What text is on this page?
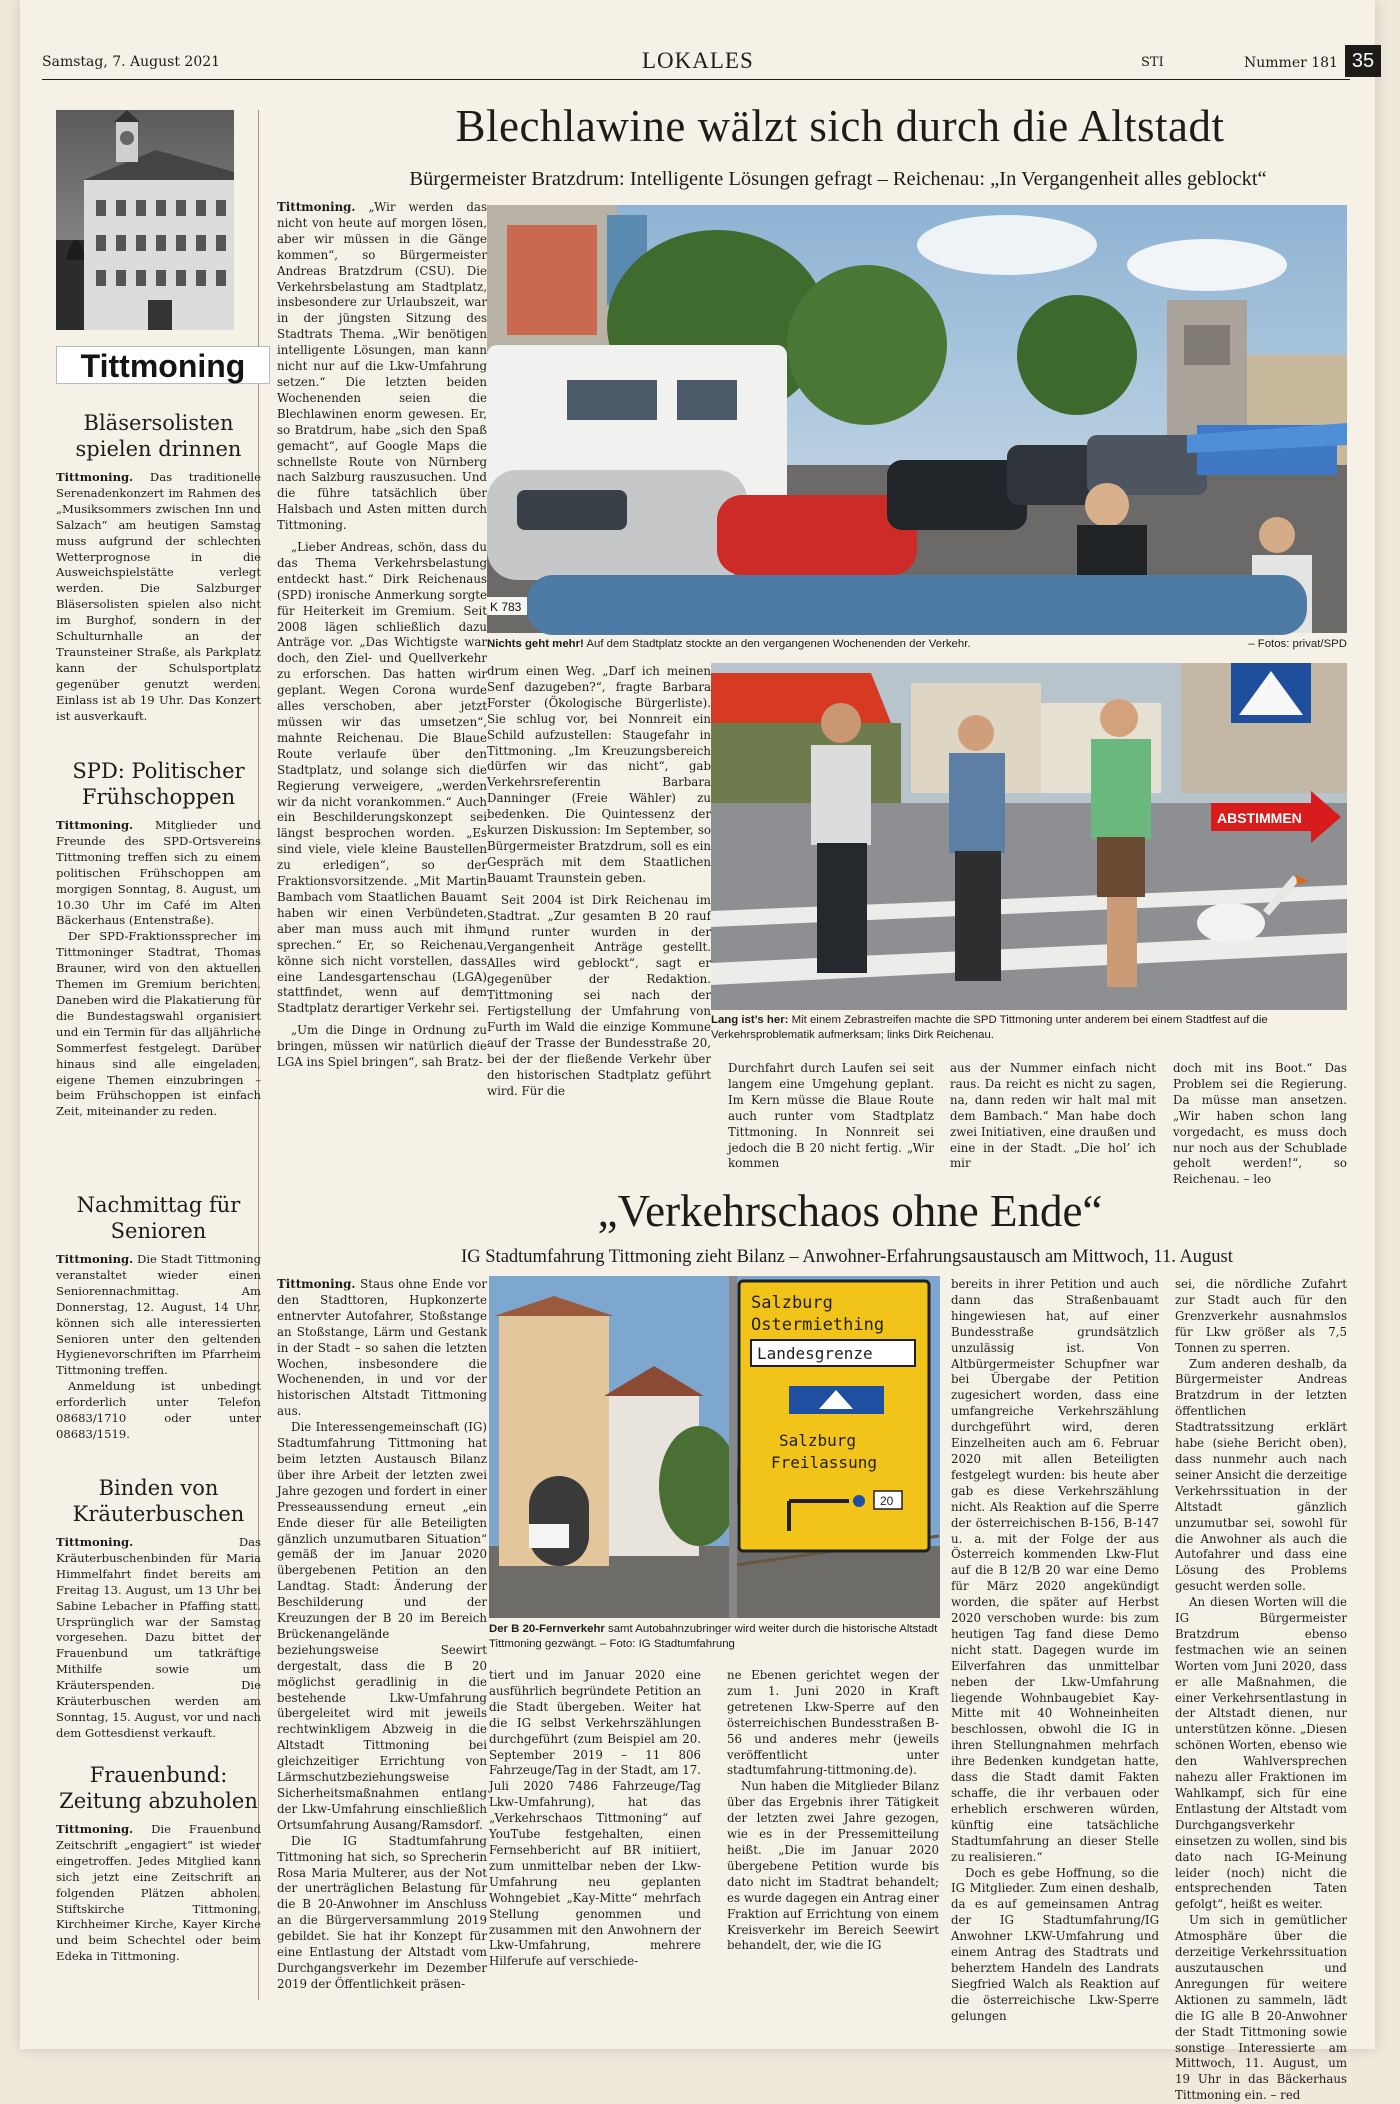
Samstag, 7. August 2021	LOKALES	STI	Nummer 181 35
Tittmoning
Bläsersolisten spielen drinnen

Tittmoning. Das traditionelle Serenadenkonzert im Rahmen des „Musiksommers zwischen Inn und Salzach“ am heutigen Samstag muss aufgrund der schlechten Wetterprognose in die Ausweichspielstätte verlegt werden. Die Salzburger Bläsersolisten spielen also nicht im Burghof, sondern in der Schulturnhalle an der Traunsteiner Straße, als Parkplatz kann der Schulsportplatz gegenüber genutzt werden. Einlass ist ab 19 Uhr. Das Konzert ist ausverkauft.

SPD: Politischer Frühschoppen

Tittmoning. Mitglieder und Freunde des SPD-Ortsvereins Tittmoning treffen sich zu einem politischen Frühschoppen am morgigen Sonntag, 8. August, um 10.30 Uhr im Café im Alten Bäckerhaus (Entenstraße).

Der SPD-Fraktionssprecher im Tittmoninger Stadtrat, Thomas Brauner, wird von den aktuellen Themen im Gremium berichten. Daneben wird die Plakatierung für die Bundestagswahl organisiert und ein Termin für das alljährliche Sommerfest festgelegt. Darüber hinaus sind alle eingeladen, eigene Themen einzubringen – beim Frühschoppen ist einfach Zeit, miteinander zu reden.

Nachmittag für Senioren

Tittmoning. Die Stadt Tittmoning veranstaltet wieder einen Seniorennachmittag. Am Donnerstag, 12. August, 14 Uhr, können sich alle interessierten Senioren unter den geltenden Hygienevorschriften im Pfarrheim Tittmoning treffen.

Anmeldung ist unbedingt erforderlich unter Telefon 08683/1710 oder unter 08683/1519.

Binden von Kräuterbuschen

Tittmoning. Das Kräuterbuschenbinden für Maria Himmelfahrt findet bereits am Freitag 13. August, um 13 Uhr bei Sabine Lebacher in Pfaffing statt. Ursprünglich war der Samstag vorgesehen. Dazu bittet der Frauenbund um tatkräftige Mithilfe sowie um Kräuterspenden. Die Kräuterbuschen werden am Sonntag, 15. August, vor und nach dem Gottesdienst verkauft.

Frauenbund: Zeitung abzuholen

Tittmoning. Die Frauenbund Zeitschrift „engagiert“ ist wieder eingetroffen. Jedes Mitglied kann sich jetzt eine Zeitschrift an folgenden Plätzen abholen. Stiftskirche Tittmoning, Kirchheimer Kirche, Kayer Kirche und beim Schechtel oder beim Edeka in Tittmoning.

Blechlawine wälzt sich durch die Altstadt
Bürgermeister Bratzdrum: Intelligente Lösungen gefragt – Reichenau: „In Vergangenheit alles geblockt“

Tittmoning. „Wir werden das nicht von heute auf morgen lösen, aber wir müssen in die Gänge kommen“, so Bürgermeister Andreas Bratzdrum (CSU). Die Verkehrsbelastung am Stadtplatz, insbesondere zur Urlaubszeit, war in der jüngsten Sitzung des Stadtrats Thema. „Wir benötigen intelligente Lösungen, man kann nicht nur auf die Lkw-Umfahrung setzen.“ Die letzten beiden Wochenenden seien die Blechlawinen enorm gewesen. Er, so Bratdrum, habe „sich den Spaß gemacht“, auf Google Maps die schnellste Route von Nürnberg nach Salzburg rauszusuchen. Und die führe tatsächlich über Halsbach und Asten mitten durch Tittmoning.

„Lieber Andreas, schön, dass du das Thema Verkehrsbelastung entdeckt hast.“ Dirk Reichenaus (SPD) ironische Anmerkung sorgte für Heiterkeit im Gremium. Seit 2008 lägen schließlich dazu Anträge vor. „Das Wichtigste war doch, den Ziel- und Quellverkehr zu erforschen. Das hatten wir geplant. Wegen Corona wurde alles verschoben, aber jetzt müssen wir das umsetzen“, mahnte Reichenau. Die Blaue Route verlaufe über den Stadtplatz, und solange sich die Regierung verweigere, „werden wir da nicht vorankommen.“ Auch ein Beschilderungskonzept sei längst besprochen worden. „Es sind viele, viele kleine Baustellen zu erledigen“, so der Fraktionsvorsitzende. „Mit Martin Bambach vom Staatlichen Bauamt haben wir einen Verbündeten, aber man muss auch mit ihm sprechen.“ Er, so Reichenau, könne sich nicht vorstellen, dass eine Landesgartenschau (LGA) stattfindet, wenn auf dem Stadtplatz derartiger Verkehr sei.

„Um die Dinge in Ordnung zu bringen, müssen wir natürlich die LGA ins Spiel bringen“, sah Bratz-

K 783
Nichts geht mehr! Auf dem Stadtplatz stockte an den vergangenen Wochenenden der Verkehr.	– Fotos: privat/SPD

drum einen Weg. „Darf ich meinen Senf dazugeben?“, fragte Barbara Forster (Ökologische Bürgerliste). Sie schlug vor, bei Nonnreit ein Schild aufzustellen: Staugefahr in Tittmoning. „Im Kreuzungsbereich dürfen wir das nicht“, gab Verkehrsreferentin Barbara Danninger (Freie Wähler) zu bedenken. Die Quintessenz der kurzen Diskussion: Im September, so Bürgermeister Bratzdrum, soll es ein Gespräch mit dem Staatlichen Bauamt Traunstein geben.

Seit 2004 ist Dirk Reichenau im Stadtrat. „Zur gesamten B 20 rauf und runter wurden in der Vergangenheit Anträge gestellt. Alles wird geblockt“, sagt er gegenüber der Redaktion. Tittmoning sei nach der Fertigstellung der Umfahrung von Furth im Wald die einzige Kommune auf der Trasse der Bundesstraße 20, bei der der fließende Verkehr über den historischen Stadtplatz geführt wird. Für die

ABSTIMMEN
Lang ist’s her: Mit einem Zebrastreifen machte die SPD Tittmoning unter anderem bei einem Stadtfest auf die Verkehrsproblematik aufmerksam; links Dirk Reichenau.

Durchfahrt durch Laufen sei seit langem eine Umgehung geplant. Im Kern müsse die Blaue Route auch runter vom Stadtplatz Tittmoning. In Nonnreit sei jedoch die B 20 nicht fertig. „Wir kommen

aus der Nummer einfach nicht raus. Da reicht es nicht zu sagen, na, dann reden wir halt mal mit dem Bambach.“ Man habe doch zwei Initiativen, eine draußen und eine in der Stadt. „Die hol’ ich mir

doch mit ins Boot.“ Das Problem sei die Regierung. Da müsse man ansetzen. „Wir haben schon lang vorgedacht, es muss doch nur noch aus der Schublade geholt werden!“, so Reichenau. – leo

„Verkehrschaos ohne Ende“
IG Stadtumfahrung Tittmoning zieht Bilanz – Anwohner-Erfahrungsaustausch am Mittwoch, 11. August

Tittmoning. Staus ohne Ende vor den Stadttoren, Hupkonzerte entnervter Autofahrer, Stoßstange an Stoßstange, Lärm und Gestank in der Stadt – so sahen die letzten Wochen, insbesondere die Wochenenden, in und vor der historischen Altstadt Tittmoning aus.

Die Interessengemeinschaft (IG) Stadtumfahrung Tittmoning hat beim letzten Austausch Bilanz über ihre Arbeit der letzten zwei Jahre gezogen und fordert in einer Presseaussendung erneut „ein Ende dieser für alle Beteiligten gänzlich unzumutbaren Situation“ gemäß der im Januar 2020 übergebenen Petition an den Landtag. Stadt: Änderung der Beschilderung und der Kreuzungen der B 20 im Bereich Brückenangelände beziehungsweise Seewirt dergestalt, dass die B 20 möglichst geradlinig in die bestehende Lkw-Umfahrung übergeleitet wird mit jeweils rechtwinkligem Abzweig in die Altstadt Tittmoning bei gleichzeitiger Errichtung von Lärmschutzbeziehungsweise Sicherheitsmaßnahmen entlang der Lkw-Umfahrung einschließlich Ortsumfahrung Ausang/Ramsdorf.

Die IG Stadtumfahrung Tittmoning hat sich, so Sprecherin Rosa Maria Multerer, aus der Not der unerträglichen Belastung für die B 20-Anwohner im Anschluss an die Bürgerversammlung 2019 gebildet. Sie hat ihr Konzept für eine Entlastung der Altstadt vom Durchgangsverkehr im Dezember 2019 der Öffentlichkeit präsen-

Salzburg
Ostermiething
Landesgrenze
Salzburg
Freilassung
20
Der B 20-Fernverkehr samt Autobahnzubringer wird weiter durch die historische Altstadt Tittmoning gezwängt. – Foto: IG Stadtumfahrung

tiert und im Januar 2020 eine ausführlich begründete Petition an die Stadt übergeben. Weiter hat die IG selbst Verkehrszählungen durchgeführt (zum Beispiel am 20. September 2019 – 11 806 Fahrzeuge/Tag in der Stadt, am 17. Juli 2020 7486 Fahrzeuge/Tag Lkw-Umfahrung), hat das „Verkehrschaos Tittmoning“ auf YouTube festgehalten, einen Fernsehbericht auf BR initiiert, zum unmittelbar neben der Lkw-Umfahrung neu geplanten Wohngebiet „Kay-Mitte“ mehrfach Stellung genommen und zusammen mit den Anwohnern der Lkw-Umfahrung, mehrere Hilferufe auf verschiede-

ne Ebenen gerichtet wegen der zum 1. Juni 2020 in Kraft getretenen Lkw-Sperre auf den österreichischen Bundesstraßen B-56 und anderes mehr (jeweils veröffentlicht unter stadtumfahrung-tittmoning.de).

Nun haben die Mitglieder Bilanz über das Ergebnis ihrer Tätigkeit der letzten zwei Jahre gezogen, wie es in der Pressemitteilung heißt. „Die im Januar 2020 übergebene Petition wurde bis dato nicht im Stadtrat behandelt; es wurde dagegen ein Antrag einer Fraktion auf Errichtung von einem Kreisverkehr im Bereich Seewirt behandelt, der, wie die IG

bereits in ihrer Petition und auch dann das Straßenbauamt hingewiesen hat, auf einer Bundesstraße grundsätzlich unzulässig ist. Von Altbürgermeister Schupfner war bei Übergabe der Petition zugesichert worden, dass eine umfangreiche Verkehrszählung durchgeführt wird, deren Einzelheiten auch am 6. Februar 2020 mit allen Beteiligten festgelegt wurden: bis heute aber gab es diese Verkehrszählung nicht. Als Reaktion auf die Sperre der österreichischen B-156, B-147 u. a. mit der Folge der aus Österreich kommenden Lkw-Flut auf die B 12/B 20 war eine Demo für März 2020 angekündigt worden, die später auf Herbst 2020 verschoben wurde: bis zum heutigen Tag fand diese Demo nicht statt. Dagegen wurde im Eilverfahren das unmittelbar neben der Lkw-Umfahrung liegende Wohnbaugebiet Kay-Mitte mit 40 Wohneinheiten beschlossen, obwohl die IG in ihren Stellungnahmen mehrfach ihre Bedenken kundgetan hatte, dass die Stadt damit Fakten schaffe, die ihr verbauen oder erheblich erschweren würden, künftig eine tatsächliche Stadtumfahrung an dieser Stelle zu realisieren.“

Doch es gebe Hoffnung, so die IG Mitglieder. Zum einen deshalb, da es auf gemeinsamen Antrag der IG Stadtumfahrung/IG Anwohner LKW-Umfahrung und einem Antrag des Stadtrats und beherztem Handeln des Landrats Siegfried Walch als Reaktion auf die österreichische Lkw-Sperre gelungen

sei, die nördliche Zufahrt zur Stadt auch für den Grenzverkehr ausnahmslos für Lkw größer als 7,5 Tonnen zu sperren.

Zum anderen deshalb, da Bürgermeister Andreas Bratzdrum in der letzten öffentlichen Stadtratssitzung erklärt habe (siehe Bericht oben), dass nunmehr auch nach seiner Ansicht die derzeitige Verkehrssituation in der Altstadt gänzlich unzumutbar sei, sowohl für die Anwohner als auch die Autofahrer und dass eine Lösung des Problems gesucht werden solle.

An diesen Worten will die IG Bürgermeister Bratzdrum ebenso festmachen wie an seinen Worten vom Juni 2020, dass er alle Maßnahmen, die einer Verkehrsentlastung in der Altstadt dienen, nur unterstützen könne. „Diesen schönen Worten, ebenso wie den Wahlversprechen nahezu aller Fraktionen im Wahlkampf, sich für eine Entlastung der Altstadt vom Durchgangsverkehr einsetzen zu wollen, sind bis dato nach IG-Meinung leider (noch) nicht die entsprechenden Taten gefolgt“, heißt es weiter.

Um sich in gemütlicher Atmosphäre über die derzeitige Verkehrssituation auszutauschen und Anregungen für weitere Aktionen zu sammeln, lädt die IG alle B 20-Anwohner der Stadt Tittmoning sowie sonstige Interessierte am Mittwoch, 11. August, um 19 Uhr in das Bäckerhaus Tittmoning ein. – red
